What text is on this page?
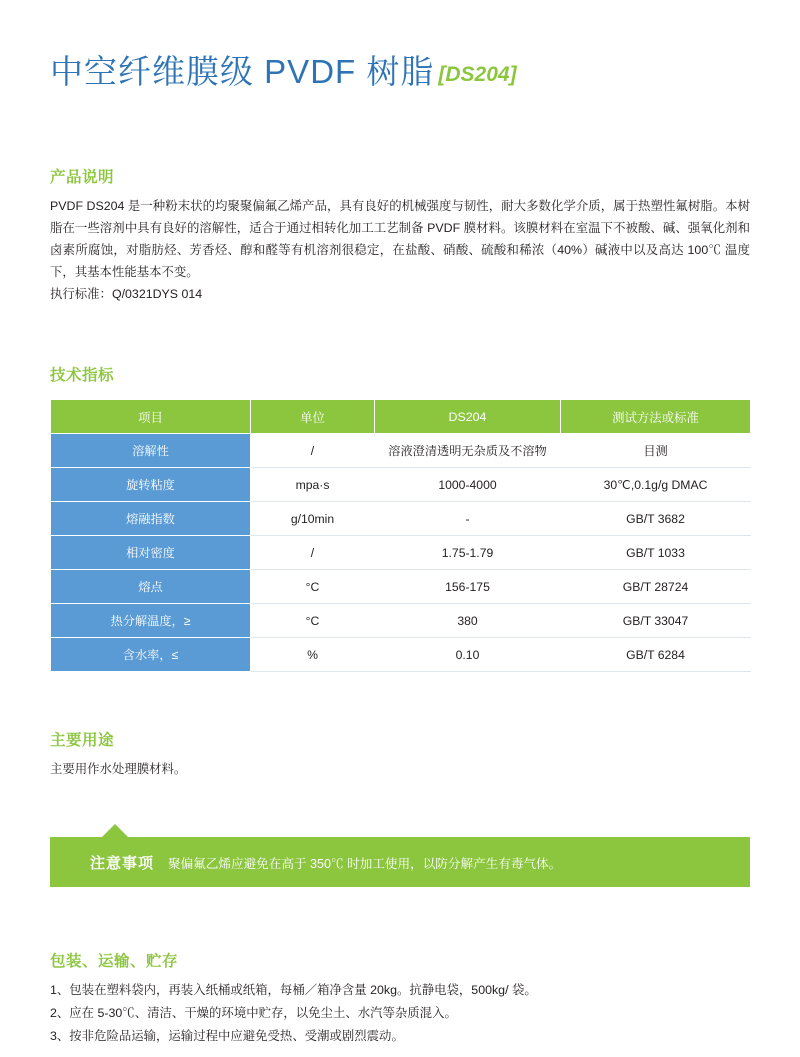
中空纤维膜级 PVDF 树脂 [DS204]
产品说明

PVDF DS204 是一种粉末状的均聚聚偏氟乙烯产品，具有良好的机械强度与韧性，耐大多数化学介质，属于热塑性氟树脂。本树脂在一些溶剂中具有良好的溶解性，适合于通过相转化加工工艺制备 PVDF 膜材料。该膜材料在室温下不被酸、碱、强氧化剂和卤素所腐蚀，对脂肪烃、芳香烃、醇和醛等有机溶剂很稳定，在盐酸、硝酸、硫酸和稀浓（40%）碱液中以及高达 100℃ 温度下，其基本性能基本不变。

执行标准：Q/0321DYS 014

技术指标
项目	单位	DS204	测试方法或标准
溶解性	/	溶液澄清透明无杂质及不溶物	目测
旋转粘度	mpa·s	1000-4000	30℃,0.1g/g DMAC
熔融指数	g/10min	-	GB/T 3682
相对密度	/	1.75-1.79	GB/T 1033
熔点	°C	156-175	GB/T 28724
热分解温度，≥	°C	380	GB/T 33047
含水率，≤	%	0.10	GB/T 6284
主要用途
主要用作水处理膜材料。
注意事项 聚偏氟乙烯应避免在高于 350℃ 时加工使用，以防分解产生有毒气体。
包装、运输、贮存
1、包装在塑料袋内，再装入纸桶或纸箱，每桶／箱净含量 20kg。抗静电袋，500kg/ 袋。
2、应在 5-30℃、清洁、干燥的环境中贮存，以免尘土、水汽等杂质混入。
3、按非危险品运输，运输过程中应避免受热、受潮或剧烈震动。
